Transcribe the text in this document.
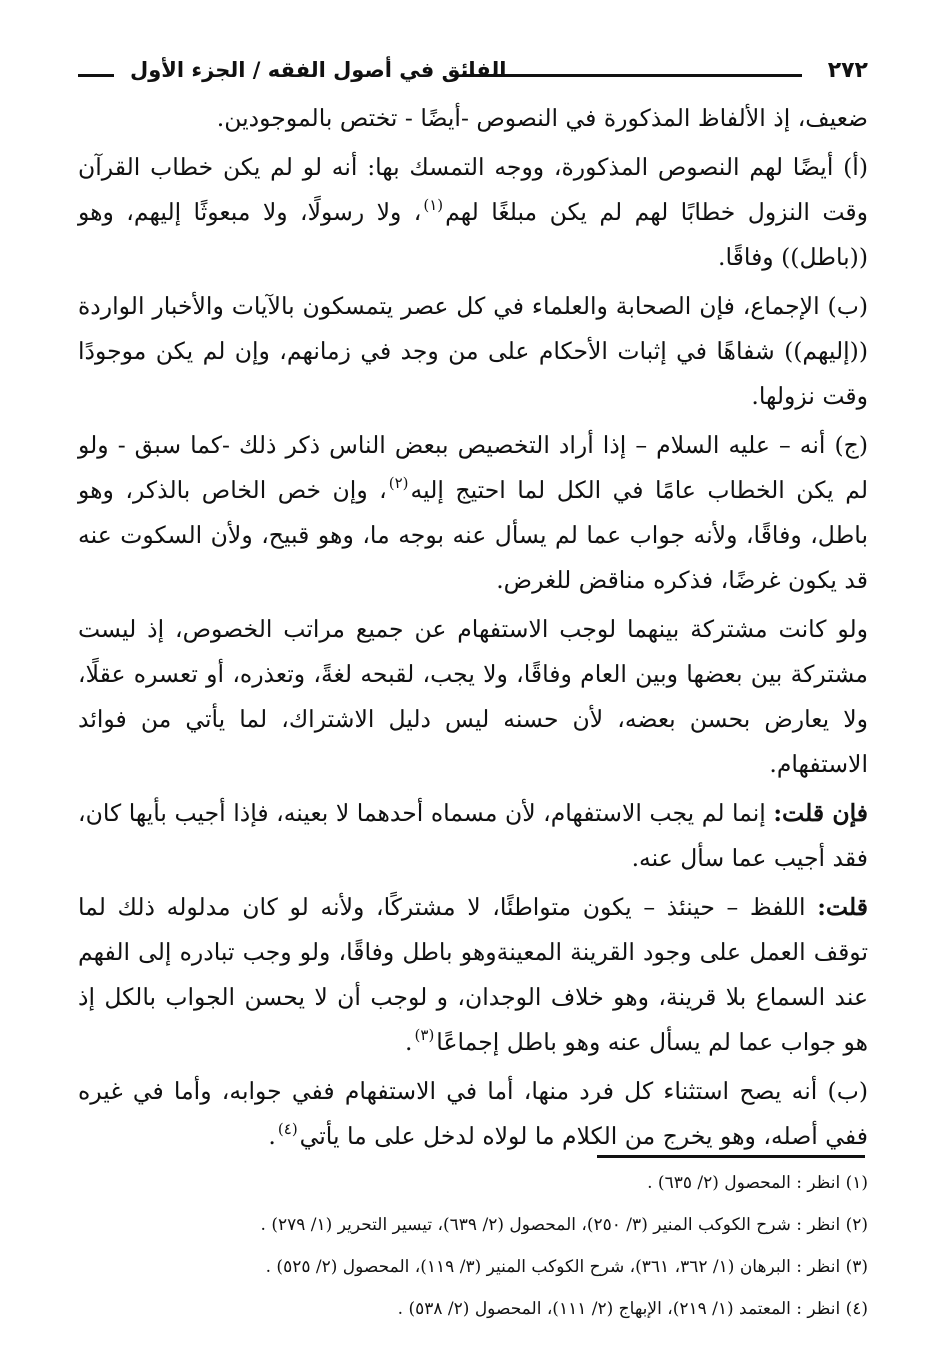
٢٧٢
الفائق في أصول الفقه / الجزء الأول

ضعيف، إذ الألفاظ المذكورة في النصوص -أيضًا - تختص بالموجودين.

(أ) أيضًا لهم النصوص المذكورة، ووجه التمسك بها: أنه لو لم يكن خطاب القرآن وقت النزول خطابًا لهم لم يكن مبلغًا لهم$^{(١)}$، ولا رسولًا، ولا مبعوثًا إليهم، وهو ((باطل)) وفاقًا.

(ب) الإجماع، فإن الصحابة والعلماء في كل عصر يتمسكون بالآيات والأخبار الواردة ((إليهم)) شفاهًا في إثبات الأحكام على من وجد في زمانهم، وإن لم يكن موجودًا وقت نزولها.

(ج) أنه – عليه السلام – إذا أراد التخصيص ببعض الناس ذكر ذلك -كما سبق - ولو لم يكن الخطاب عامًا في الكل لما احتيج إليه$^{(٢)}$، وإن خص الخاص بالذكر، وهو باطل، وفاقًا، ولأنه جواب عما لم يسأل عنه بوجه ما، وهو قبيح، ولأن السكوت عنه قد يكون غرضًا، فذكره مناقض للغرض.

ولو كانت مشتركة بينهما لوجب الاستفهام عن جميع مراتب الخصوص، إذ ليست مشتركة بين بعضها وبين العام وفاقًا، ولا يجب، لقبحه لغةً، وتعذره، أو تعسره عقلًا، ولا يعارض بحسن بعضه، لأن حسنه ليس دليل الاشتراك، لما يأتي من فوائد الاستفهام.

فإن قلت: إنما لم يجب الاستفهام، لأن مسماه أحدهما لا بعينه، فإذا أجيب بأيها كان، فقد أجيب عما سأل عنه.

قلت: اللفظ – حينئذ – يكون متواطئًا، لا مشتركًا، ولأنه لو كان مدلوله ذلك لما توقف العمل على وجود القرينة المعينةوهو باطل وفاقًا، ولو وجب تبادره إلى الفهم عند السماع بلا قرينة، وهو خلاف الوجدان، و لوجب أن لا يحسن الجواب بالكل إذ هو جواب عما لم يسأل عنه وهو باطل إجماعًا$^{(٣)}$.

(ب) أنه يصح استثناء كل فرد منها، أما في الاستفهام ففي جوابه، وأما في غيره ففي أصله، وهو يخرج من الكلام ما لولاه لدخل على ما يأتي$^{(٤)}$.

(١) انظر : المحصول (٢/ ٦٣٥) .
(٢) انظر : شرح الكوكب المنير (٣/ ٢٥٠)، المحصول (٢/ ٦٣٩)، تيسير التحرير (١/ ٢٧٩) .
(٣) انظر : البرهان (١/ ٣٦٢، ٣٦١)، شرح الكوكب المنير (٣/ ١١٩)، المحصول (٢/ ٥٢٥) .
(٤) انظر : المعتمد (١/ ٢١٩)، الإبهاج (٢/ ١١١)، المحصول (٢/ ٥٣٨) .
